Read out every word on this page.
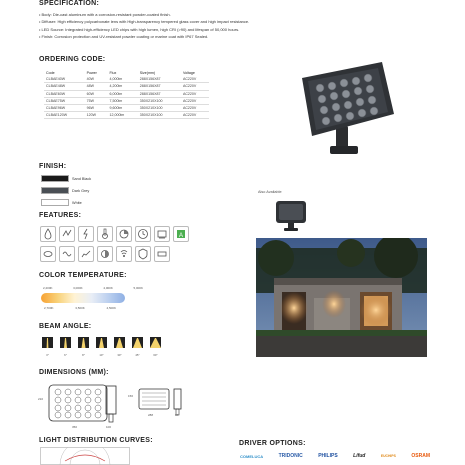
SPECIFICATION:
• Body: Die-cast aluminum with a corrosion-resistant powder-coated finish.
• Diffuser: High efficiency polycarbonate lens with High-transparency tempered glass cover and high impact resistance.
• LED Source: Integrated high-efficiency LED chips with high lumen, high CRI (>90) and lifespan of 50,000 hours.
• Finish: Corrosion protection and UV-resistant powder coating or marine coat with IP67 Sealed.
ORDERING CODE:
Code	Power	Flux	Size(mm)	Voltage
CLBAE40W	40W	4,000lm	288X156X87	AC220V
CLBAE48W	48W	4,200lm	288X156X87	AC220V
CLBAE60W	60W	6,000lm	288X156X87	AC220V
CLBAE75W	75W	7,500lm	350X210X100	AC220V
CLBAE96W	96W	9,600lm	350X210X100	AC220V
CLBAE120W	120W	12,000lm	350X210X100	AC220V
FINISH:
Sand Black
Dark Grey
White
Also Available
FEATURES:
A
COLOR TEMPERATURE:
2,200K	3,000K	4,000K	5,000K
2,700K	3,500K	4,500K
BEAM ANGLE:
3°	6°	8°	10°	30°	45°	60°
DIMENSIONS (MM):
210
350	100
156
288	87
LIGHT DISTRIBUTION CURVES:	DRIVER OPTIONS:
COMELUCA	TRIDONIC	PHILIPS	Lifud	EUCHIPS	OSRAM
